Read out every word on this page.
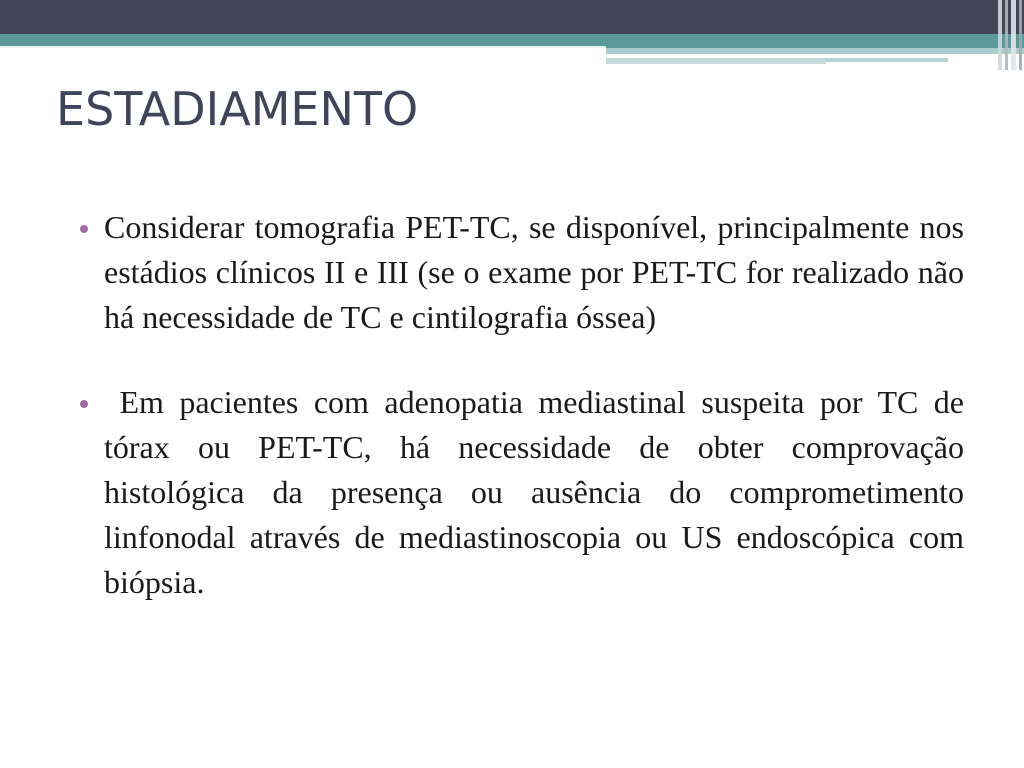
ESTADIAMENTO
Considerar tomografia PET-TC, se disponível, principalmente nos estádios clínicos II e III (se o exame por PET-TC for realizado não há necessidade de TC e cintilografia óssea)
Em pacientes com adenopatia mediastinal suspeita por TC de tórax ou PET-TC, há necessidade de obter comprovação histológica da presença ou ausência do comprometimento linfonodal através de mediastinoscopia ou US endoscópica com biópsia.
